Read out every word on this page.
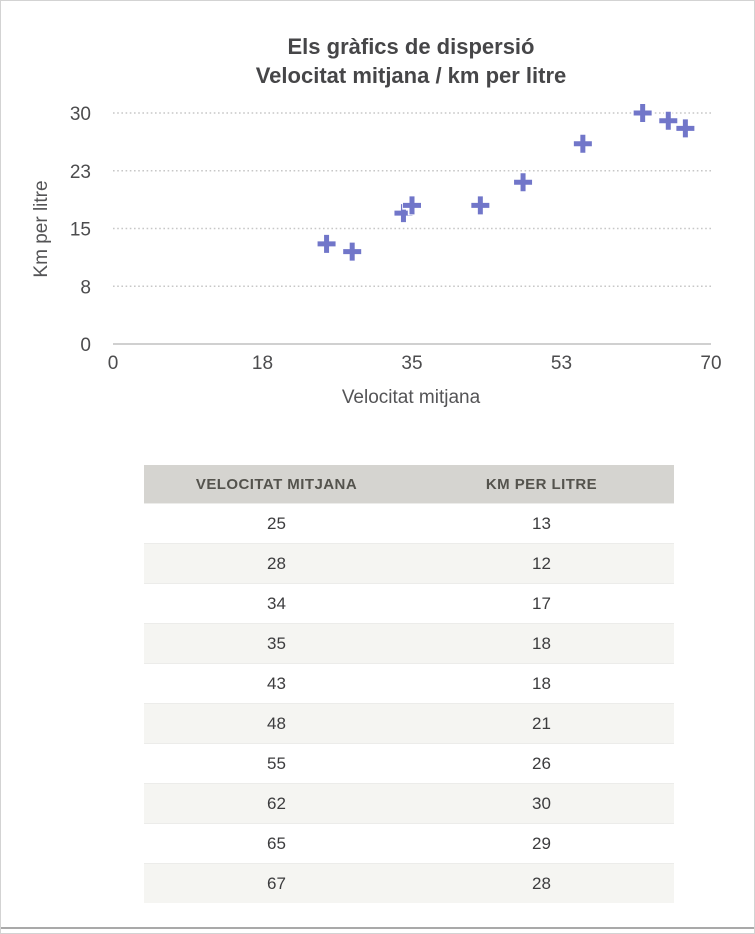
Els gràfics de dispersió
Velocitat mitjana / km per litre
Km per litre
0
8
15
23
30
0	18	35	53	70
Velocitat mitjana
VELOCITAT MITJANA	KM PER LITRE
25	13
28	12
34	17
35	18
43	18
48	21
55	26
62	30
65	29
67	28
